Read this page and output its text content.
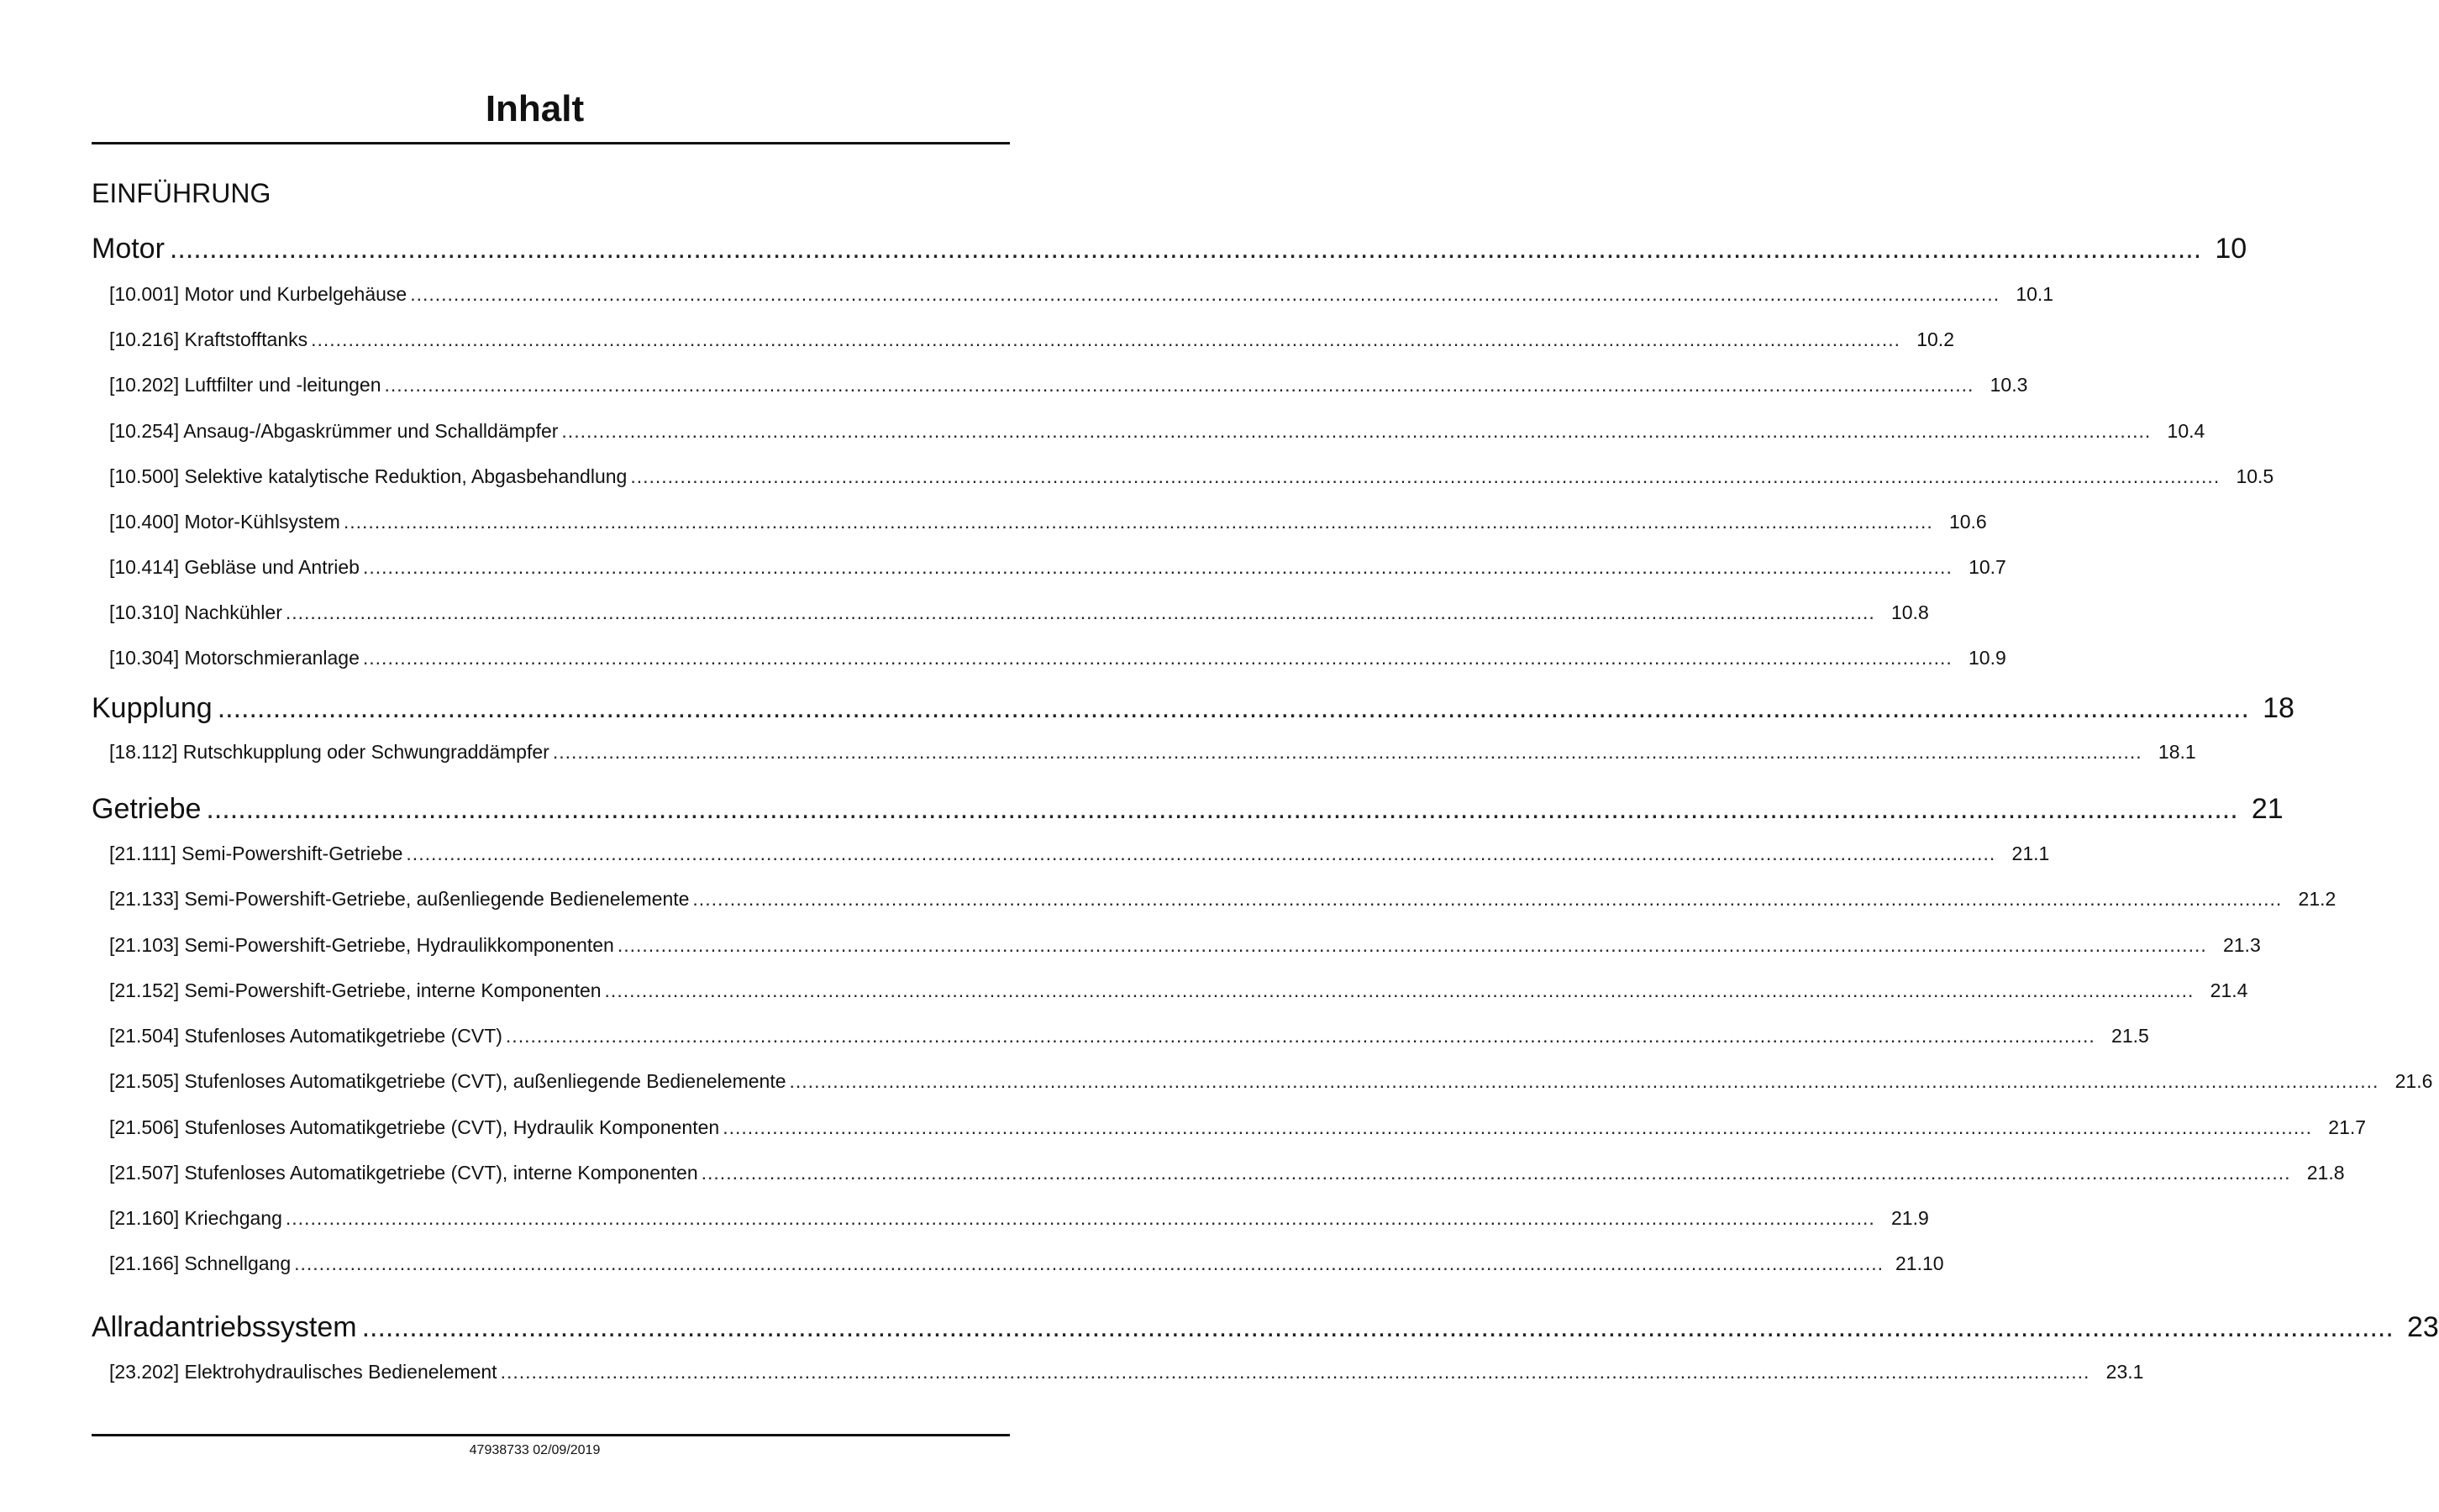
Inhalt
EINFÜHRUNG
Motor ................................................................................................................................................................................................................................................................ 10
[10.001] Motor und Kurbelgehäuse ................................................................................................................................................................................................................................................................ 10.1
[10.216] Kraftstofftanks ................................................................................................................................................................................................................................................................ 10.2
[10.202] Luftfilter und -leitungen ................................................................................................................................................................................................................................................................ 10.3
[10.254] Ansaug-/Abgaskrümmer und Schalldämpfer ................................................................................................................................................................................................................................................................ 10.4
[10.500] Selektive katalytische Reduktion, Abgasbehandlung ................................................................................................................................................................................................................................................................ 10.5
[10.400] Motor-Kühlsystem ................................................................................................................................................................................................................................................................ 10.6
[10.414] Gebläse und Antrieb ................................................................................................................................................................................................................................................................ 10.7
[10.310] Nachkühler ................................................................................................................................................................................................................................................................ 10.8
[10.304] Motorschmieranlage ................................................................................................................................................................................................................................................................ 10.9
Kupplung ................................................................................................................................................................................................................................................................ 18
[18.112] Rutschkupplung oder Schwungraddämpfer ................................................................................................................................................................................................................................................................ 18.1
Getriebe ................................................................................................................................................................................................................................................................ 21
[21.111] Semi-Powershift-Getriebe ................................................................................................................................................................................................................................................................ 21.1
[21.133] Semi-Powershift-Getriebe, außenliegende Bedienelemente ................................................................................................................................................................................................................................................................ 21.2
[21.103] Semi-Powershift-Getriebe, Hydraulikkomponenten ................................................................................................................................................................................................................................................................ 21.3
[21.152] Semi-Powershift-Getriebe, interne Komponenten ................................................................................................................................................................................................................................................................ 21.4
[21.504] Stufenloses Automatikgetriebe (CVT) ................................................................................................................................................................................................................................................................ 21.5
[21.505] Stufenloses Automatikgetriebe (CVT), außenliegende Bedienelemente ................................................................................................................................................................................................................................................................ 21.6
[21.506] Stufenloses Automatikgetriebe (CVT), Hydraulik Komponenten ................................................................................................................................................................................................................................................................ 21.7
[21.507] Stufenloses Automatikgetriebe (CVT), interne Komponenten ................................................................................................................................................................................................................................................................ 21.8
[21.160] Kriechgang ................................................................................................................................................................................................................................................................ 21.9
[21.166] Schnellgang ................................................................................................................................................................................................................................................................ 21.10
Allradantriebssystem ................................................................................................................................................................................................................................................................ 23
[23.202] Elektrohydraulisches Bedienelement ................................................................................................................................................................................................................................................................ 23.1
47938733 02/09/2019
